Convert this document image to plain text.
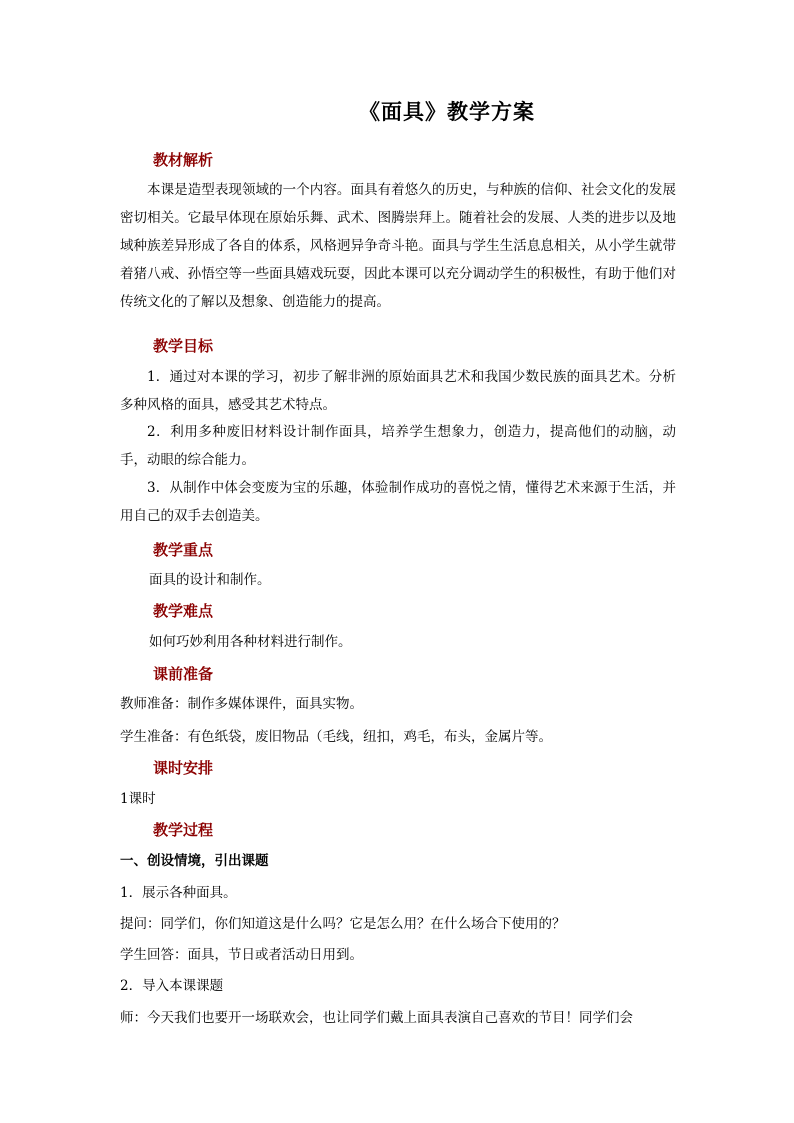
《面具》教学方案
教材解析
本课是造型表现领域的一个内容。面具有着悠久的历史，与种族的信仰、社会文化的发展密切相关。它最早体现在原始乐舞、武术、图腾崇拜上。随着社会的发展、人类的进步以及地域种族差异形成了各自的体系，风格迥异争奇斗艳。面具与学生生活息息相关，从小学生就带着猪八戒、孙悟空等一些面具嬉戏玩耍，因此本课可以充分调动学生的积极性，有助于他们对传统文化的了解以及想象、创造能力的提高。
教学目标
1．通过对本课的学习，初步了解非洲的原始面具艺术和我国少数民族的面具艺术。分析多种风格的面具，感受其艺术特点。
2．利用多种废旧材料设计制作面具，培养学生想象力，创造力，提高他们的动脑，动手，动眼的综合能力。
3．从制作中体会变废为宝的乐趣，体验制作成功的喜悦之情，懂得艺术来源于生活，并用自己的双手去创造美。
教学重点
面具的设计和制作。
教学难点
如何巧妙利用各种材料进行制作。
课前准备
教师准备：制作多媒体课件，面具实物。
学生准备：有色纸袋，废旧物品（毛线，纽扣，鸡毛，布头，金属片等。
课时安排
1课时
教学过程
一、创设情境，引出课题
1．展示各种面具。
提问：同学们，你们知道这是什么吗？它是怎么用？在什么场合下使用的？
学生回答：面具，节日或者活动日用到。
2．导入本课课题
师：今天我们也要开一场联欢会，也让同学们戴上面具表演自己喜欢的节目！同学们会
